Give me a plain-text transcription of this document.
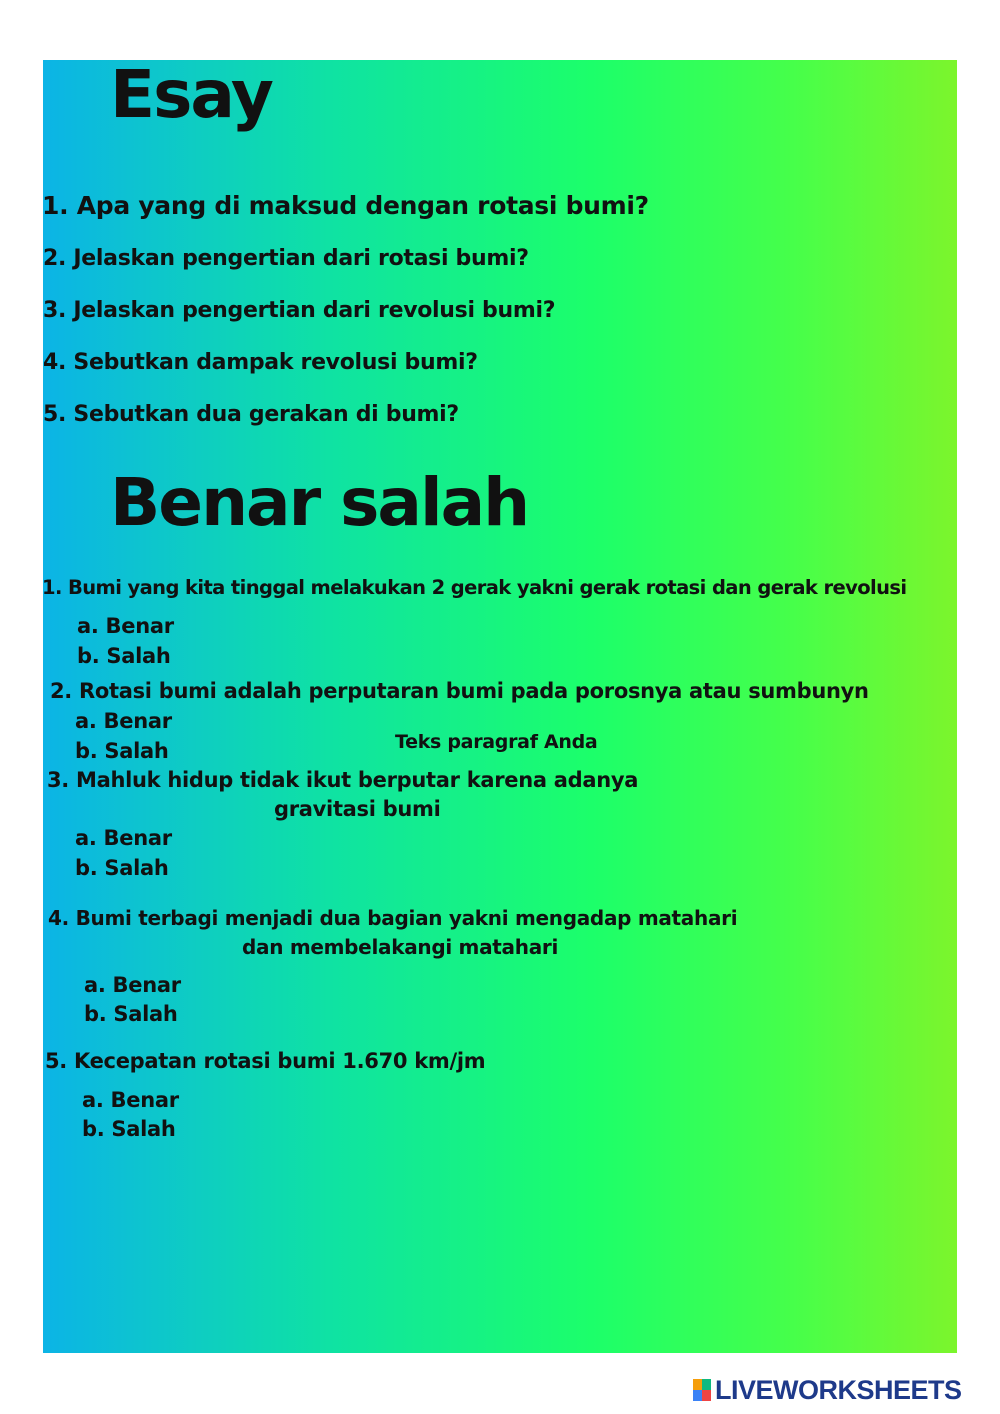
Esay
1. Apa yang di maksud dengan rotasi bumi?
2. Jelaskan pengertian dari rotasi bumi?
3. Jelaskan pengertian dari revolusi bumi?
4. Sebutkan dampak revolusi bumi?
5. Sebutkan dua gerakan di bumi?
Benar salah
1. Bumi yang kita tinggal melakukan 2 gerak yakni gerak rotasi dan gerak revolusi
a. Benar
b. Salah
2. Rotasi bumi adalah perputaran bumi pada porosnya atau sumbunyn
a. Benar
b. Salah	Teks paragraf Anda
3. Mahluk hidup tidak ikut berputar karena adanya
gravitasi bumi
a. Benar
b. Salah
4. Bumi terbagi menjadi dua bagian yakni mengadap matahari
dan membelakangi matahari
a. Benar
b. Salah
5. Kecepatan rotasi bumi 1.670 km/jm
a. Benar
b. Salah
LIVEWORKSHEETS
